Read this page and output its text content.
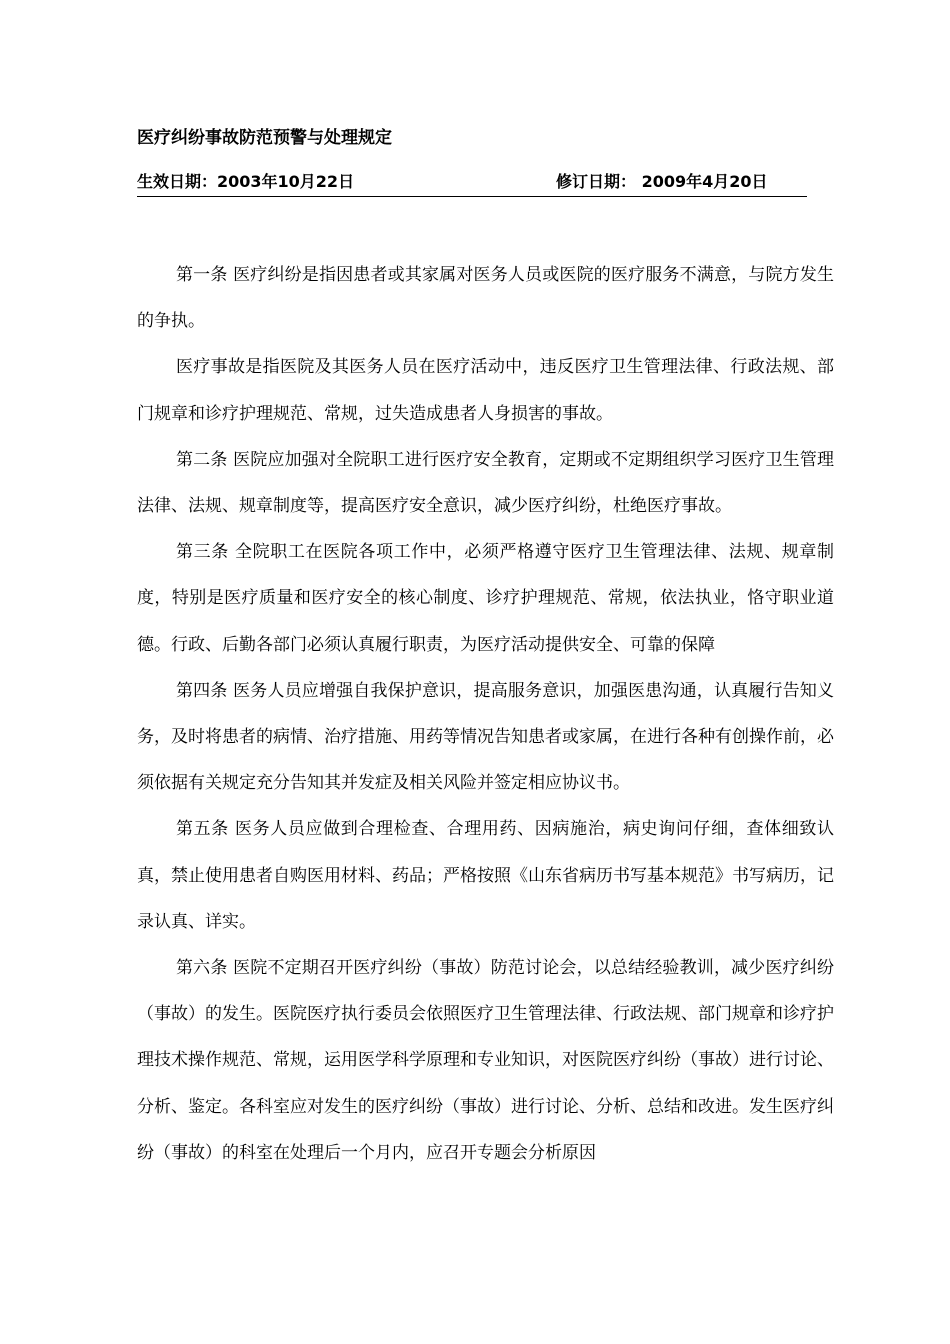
医疗纠纷事故防范预警与处理规定
生效日期：2003年10月22日	修订日期： 2009年4月20日

第一条 医疗纠纷是指因患者或其家属对医务人员或医院的医疗服务不满意，与院方发生的争执。

医疗事故是指医院及其医务人员在医疗活动中，违反医疗卫生管理法律、行政法规、部门规章和诊疗护理规范、常规，过失造成患者人身损害的事故。

第二条 医院应加强对全院职工进行医疗安全教育，定期或不定期组织学习医疗卫生管理法律、法规、规章制度等，提高医疗安全意识，减少医疗纠纷，杜绝医疗事故。

第三条 全院职工在医院各项工作中，必须严格遵守医疗卫生管理法律、法规、规章制度，特别是医疗质量和医疗安全的核心制度、诊疗护理规范、常规，依法执业，恪守职业道德。行政、后勤各部门必须认真履行职责，为医疗活动提供安全、可靠的保障

第四条 医务人员应增强自我保护意识，提高服务意识，加强医患沟通，认真履行告知义务，及时将患者的病情、治疗措施、用药等情况告知患者或家属，在进行各种有创操作前，必须依据有关规定充分告知其并发症及相关风险并签定相应协议书。

第五条 医务人员应做到合理检查、合理用药、因病施治，病史询问仔细，查体细致认真，禁止使用患者自购医用材料、药品；严格按照《山东省病历书写基本规范》书写病历，记录认真、详实。

第六条 医院不定期召开医疗纠纷（事故）防范讨论会，以总结经验教训，减少医疗纠纷（事故）的发生。医院医疗执行委员会依照医疗卫生管理法律、行政法规、部门规章和诊疗护理技术操作规范、常规，运用医学科学原理和专业知识，对医院医疗纠纷（事故）进行讨论、分析、鉴定。各科室应对发生的医疗纠纷（事故）进行讨论、分析、总结和改进。发生医疗纠纷（事故）的科室在处理后一个月内，应召开专题会分析原因
